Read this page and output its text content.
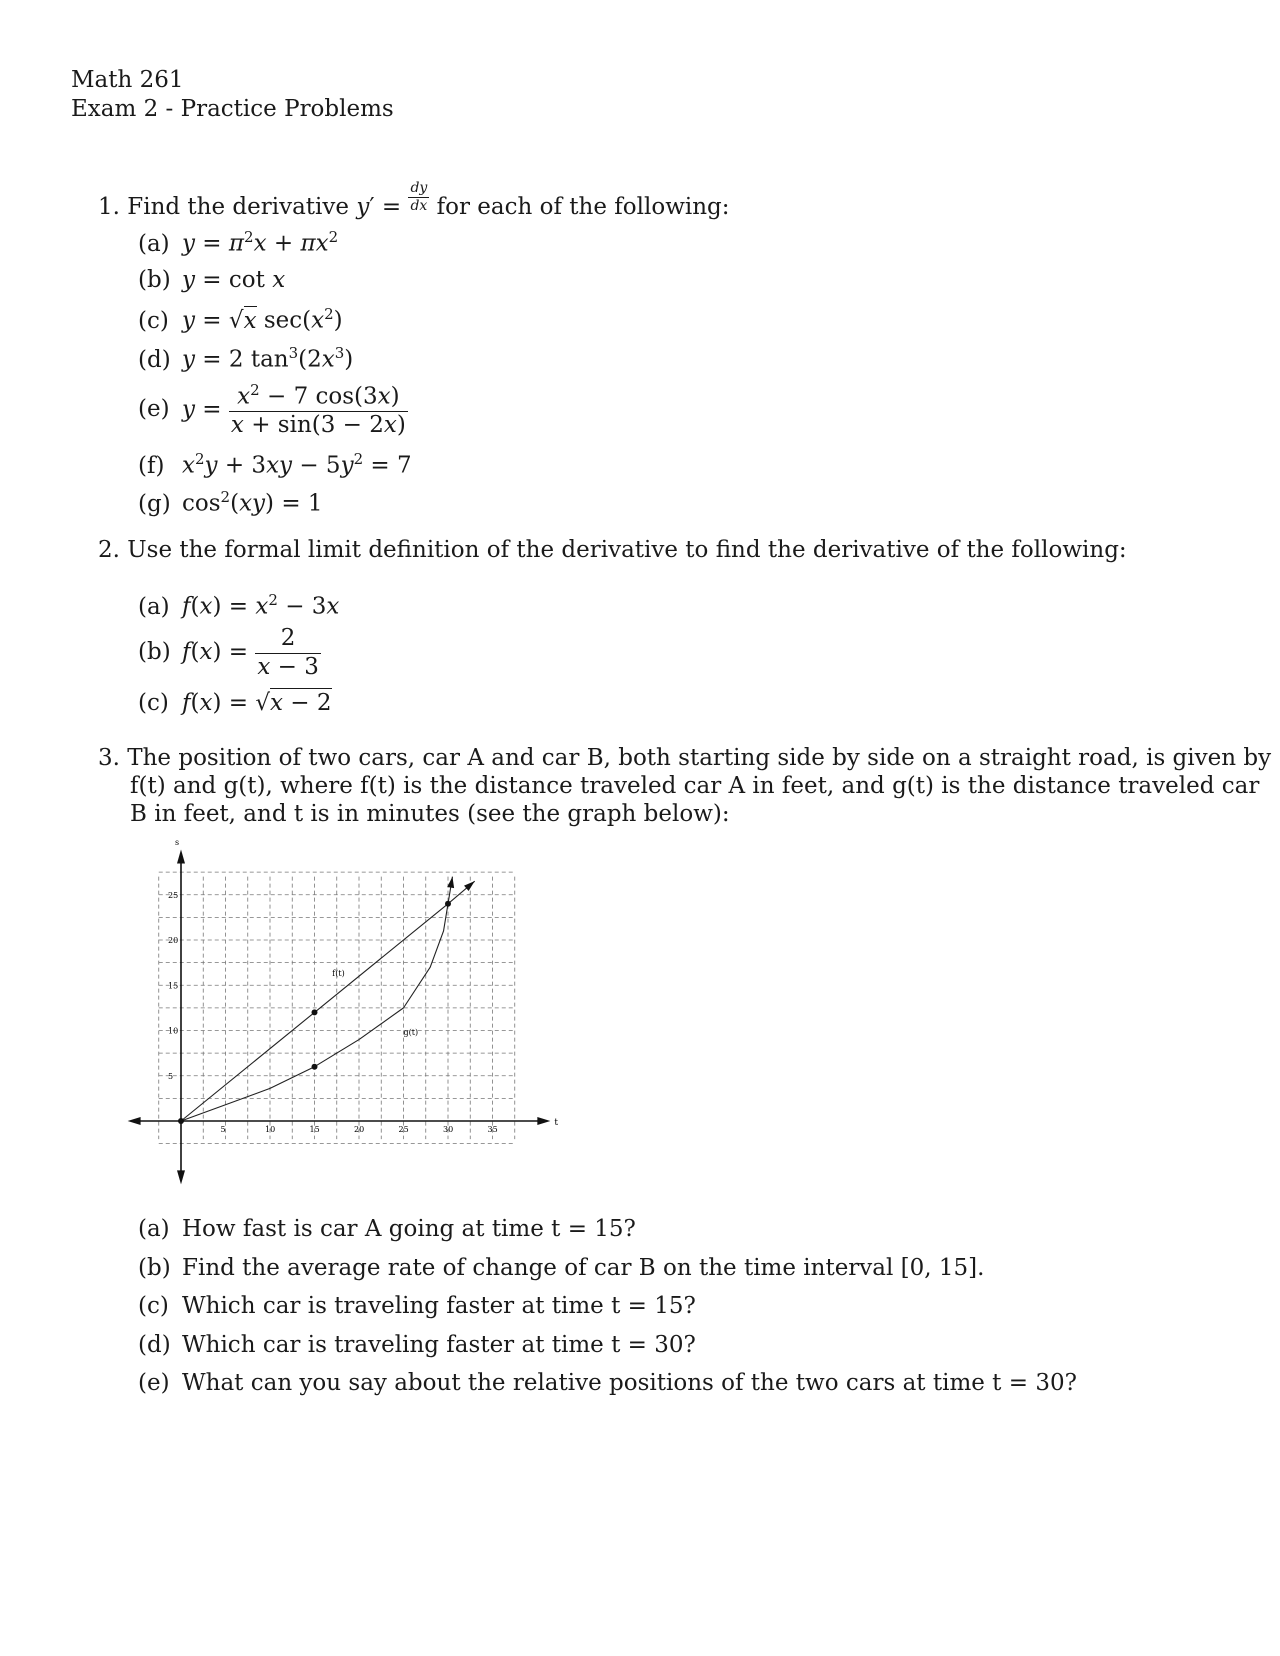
Math 261
Exam 2 - Practice Problems
1. Find the derivative $y' = \frac{dy}{dx}$ for each of the following:
(a) $y = \pi^2x + \pi x^2$
(b) y = cot x
(c) y = √x $\sec(x^2)$
(d) y = 2 $\tan^3(2x^3)$
(e) $y = \frac{x^2 - 7 \cos(3x)}{x + \sin(3 - 2x)}$
(f) $x^2y + 3xy - 5y^2 = 7$
(g) $\cos^2(xy) = 1$
2. Use the formal limit definition of the derivative to find the derivative of the following:
(a) $f(x) = x^2 - 3x$
(b) $f(x) = \frac{2}{x - 3}$
(c) f(x) = √x − 2
3. The position of two cars, car A and car B, both starting side by side on a straight road, is given by
f(t) and g(t), where f(t) is the distance traveled car A in feet, and g(t) is the distance traveled car
B in feet, and t is in minutes (see the graph below):
t
s
5	10	15	20	25	30	35
5
10
15
20
25
f(t)
g(t)
(a) How fast is car A going at time t = 15?
(b) Find the average rate of change of car B on the time interval [0, 15].
(c) Which car is traveling faster at time t = 15?
(d) Which car is traveling faster at time t = 30?
(e) What can you say about the relative positions of the two cars at time t = 30?
